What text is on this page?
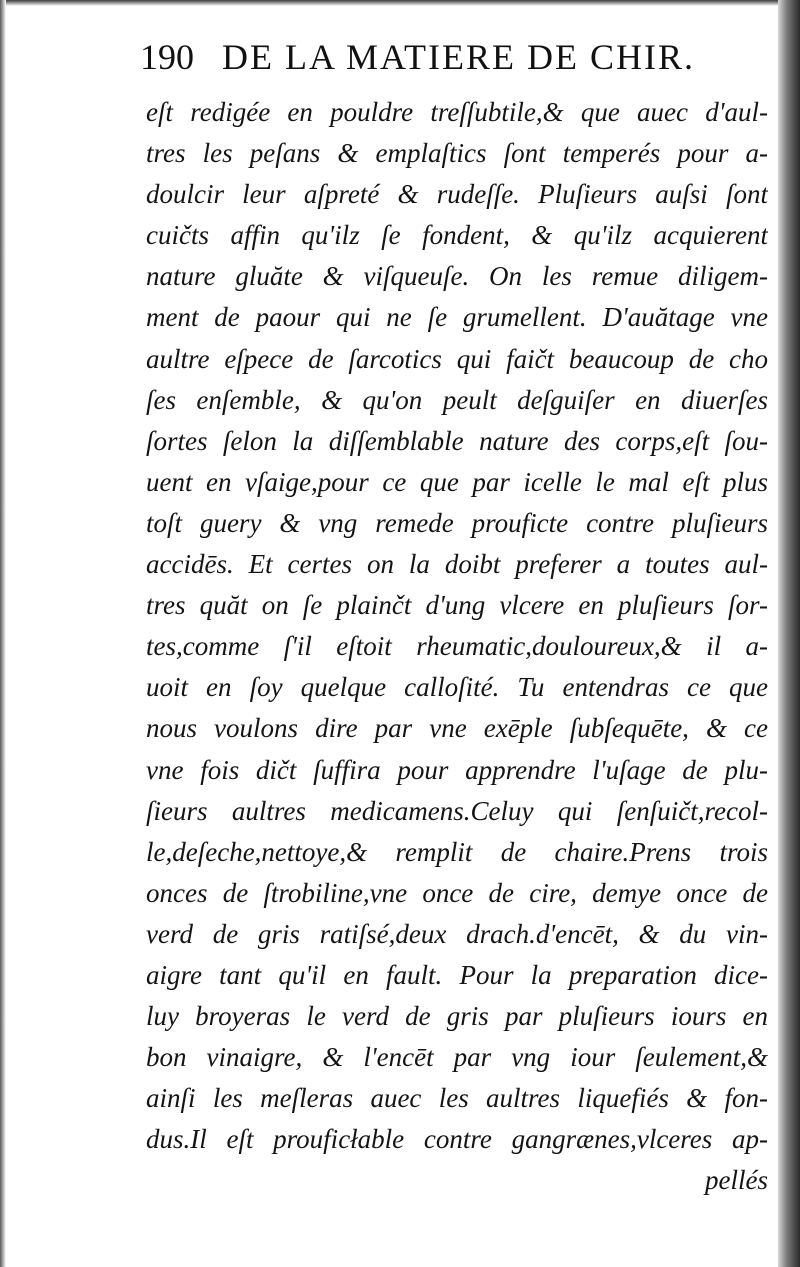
190 DE LA MATIERE DE CHIR.
eſt redigée en pouldre treſſubtile,& que auec d'aul-
tres les peſans & emplaſtics ſont temperés pour a-
doulcir leur aſpreté & rudeſſe. Pluſieurs auſsi ſont
cuičts affin qu'ilz ſe fondent, & qu'ilz acquierent
nature gluăte & viſqueuſe. On les remue diligem-
ment de paour qui ne ſe grumellent. D'auătage vne
aultre eſpece de ſarcotics qui faičt beaucoup de cho
ſes enſemble, & qu'on peult deſguiſer en diuerſes
ſortes ſelon la diſſemblable nature des corps,eſt ſou-
uent en vſaige,pour ce que par icelle le mal eſt plus
toſt guery & vng remede prouficte contre pluſieurs
accidēs. Et certes on la doibt preferer a toutes aul-
tres quăt on ſe plainčt d'ung vlcere en pluſieurs ſor-
tes,comme ſ'il eſtoit rheumatic,douloureux,& il a-
uoit en ſoy quelque calloſité. Tu entendras ce que
nous voulons dire par vne exēple ſubſequēte, & ce
vne fois dičt ſuffira pour apprendre l'uſage de plu-
ſieurs aultres medicamens.Celuy qui ſenſuičt,recol-
le,deſeche,nettoye,& remplit de chaire.Prens trois
onces de ſtrobiline,vne once de cire, demye once de
verd de gris ratiſsé,deux drach.d'encēt, & du vin-
aigre tant qu'il en fault. Pour la preparation dice-
luy broyeras le verd de gris par pluſieurs iours en
bon vinaigre, & l'encēt par vng iour ſeulement,&
ainſi les meſleras auec les aultres liquefiés & fon-
dus.Il eſt prouficłable contre gangrænes,vlceres ap-
pellés
